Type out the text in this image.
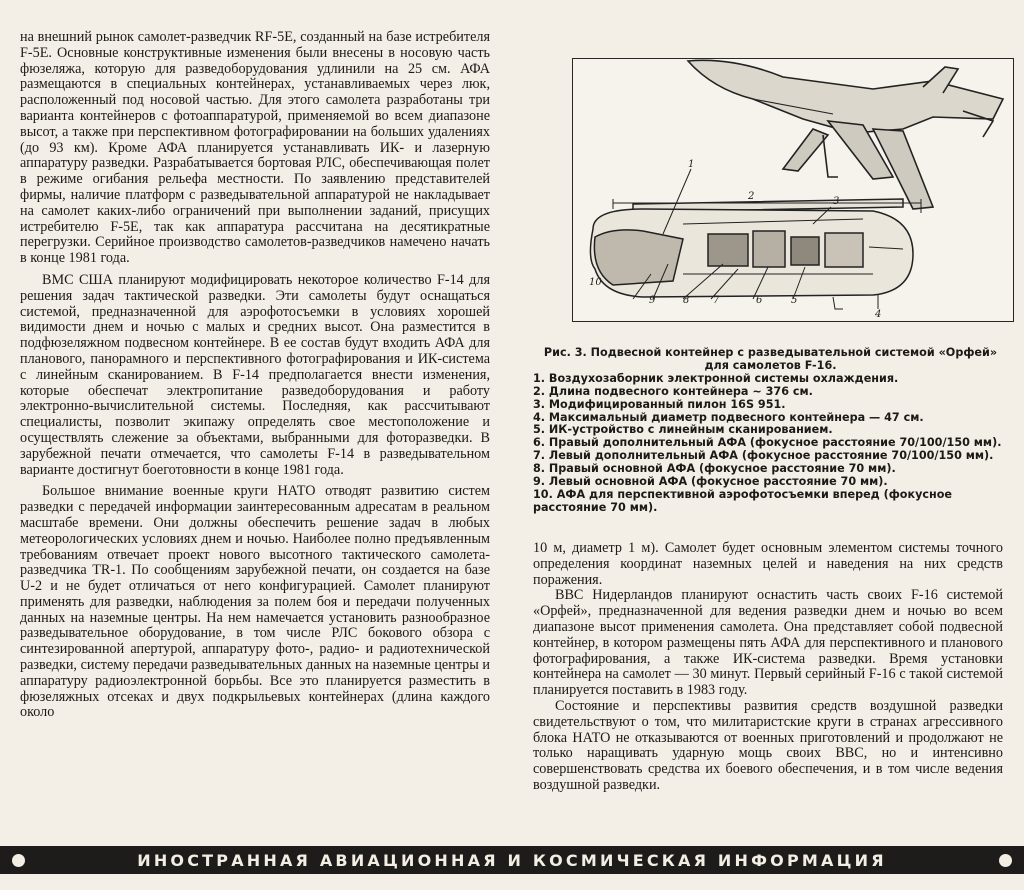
на внешний рынок самолет-разведчик RF-5E, созданный на базе истребителя F-5E. Основные конструктивные изменения были внесены в носовую часть фюзеляжа, которую для разведоборудования удлинили на 25 см. АФА размещаются в специальных контейнерах, устанавливаемых через люк, расположенный под носовой частью. Для этого самолета разработаны три варианта контейнеров с фотоаппаратурой, применяемой во всем диапазоне высот, а также при перспективном фотографировании на больших удалениях (до 93 км). Кроме АФА планируется устанавливать ИК- и лазерную аппаратуру разведки. Разрабатывается бортовая РЛС, обеспечивающая полет в режиме огибания рельефа местности. По заявлению представителей фирмы, наличие платформ с разведывательной аппаратурой не накладывает на самолет каких-либо ограничений при выполнении заданий, присущих истребителю F-5E, так как аппаратура рассчитана на десятикратные перегрузки. Серийное производство самолетов-разведчиков намечено начать в конце 1981 года.

ВМС США планируют модифицировать некоторое количество F-14 для решения задач тактической разведки. Эти самолеты будут оснащаться системой, предназначенной для аэрофотосъемки в условиях хорошей видимости днем и ночью с малых и средних высот. Она разместится в подфюзеляжном подвесном контейнере. В ее состав будут входить АФА для планового, панорамного и перспективного фотографирования и ИК-система с линейным сканированием. В F-14 предполагается внести изменения, которые обеспечат электропитание разведоборудования и работу электронно-вычислительной системы. Последняя, как рассчитывают специалисты, позволит экипажу определять свое местоположение и осуществлять слежение за объектами, выбранными для фоторазведки. В зарубежной печати отмечается, что самолеты F-14 в разведывательном варианте достигнут боеготовности в конце 1981 года.

Большое внимание военные круги НАТО отводят развитию систем разведки с передачей информации заинтересованным адресатам в реальном масштабе времени. Они должны обеспечить решение задач в любых метеорологических условиях днем и ночью. Наиболее полно предъявленным требованиям отвечает проект нового высотного тактического самолета-разведчика TR-1. По сообщениям зарубежной печати, он создается на базе U-2 и не будет отличаться от него конфигурацией. Самолет планируют применять для разведки, наблюдения за полем боя и передачи полученных данных на наземные центры. На нем намечается установить разнообразное разведывательное оборудование, в том числе РЛС бокового обзора с синтезированной апертурой, аппаратуру фото-, радио- и радиотехнической разведки, систему передачи разведывательных данных на наземные центры и аппаратуру радиоэлектронной борьбы. Все это планируется разместить в фюзеляжных отсеках и двух подкрыльевых контейнерах (длина каждого около

1
2	3
4
5
6
7
8
9
10
Рис. 3. Подвесной контейнер с разведывательной системой «Орфей» для самолетов F-16.
1. Воздухозаборник электронной системы охлаждения.
2. Длина подвесного контейнера ~ 376 см.
3. Модифицированный пилон 16S 951.
4. Максимальный диаметр подвесного контейнера — 47 см.
5. ИК-устройство с линейным сканированием.
6. Правый дополнительный АФА (фокусное расстояние 70/100/150 мм).
7. Левый дополнительный АФА (фокусное расстояние 70/100/150 мм).
8. Правый основной АФА (фокусное расстояние 70 мм).
9. Левый основной АФА (фокусное расстояние 70 мм).
10. АФА для перспективной аэрофотосъемки вперед (фокусное расстояние 70 мм).

10 м, диаметр 1 м). Самолет будет основным элементом системы точного определения координат наземных целей и наведения на них средств поражения.

ВВС Нидерландов планируют оснастить часть своих F-16 системой «Орфей», предназначенной для ведения разведки днем и ночью во всем диапазоне высот применения самолета. Она представляет собой подвесной контейнер, в котором размещены пять АФА для перспективного и планового фотографирования, а также ИК-система разведки. Время установки контейнера на самолет — 30 минут. Первый серийный F-16 с такой системой планируется поставить в 1983 году.

Состояние и перспективы развития средств воздушной разведки свидетельствуют о том, что милитаристские круги в странах агрессивного блока НАТО не отказываются от военных приготовлений и продолжают не только наращивать ударную мощь своих ВВС, но и интенсивно совершенствовать средства их боевого обеспечения, и в том числе ведения воздушной разведки.

ИНОСТРАННАЯ АВИАЦИОННАЯ И КОСМИЧЕСКАЯ ИНФОРМАЦИЯ
